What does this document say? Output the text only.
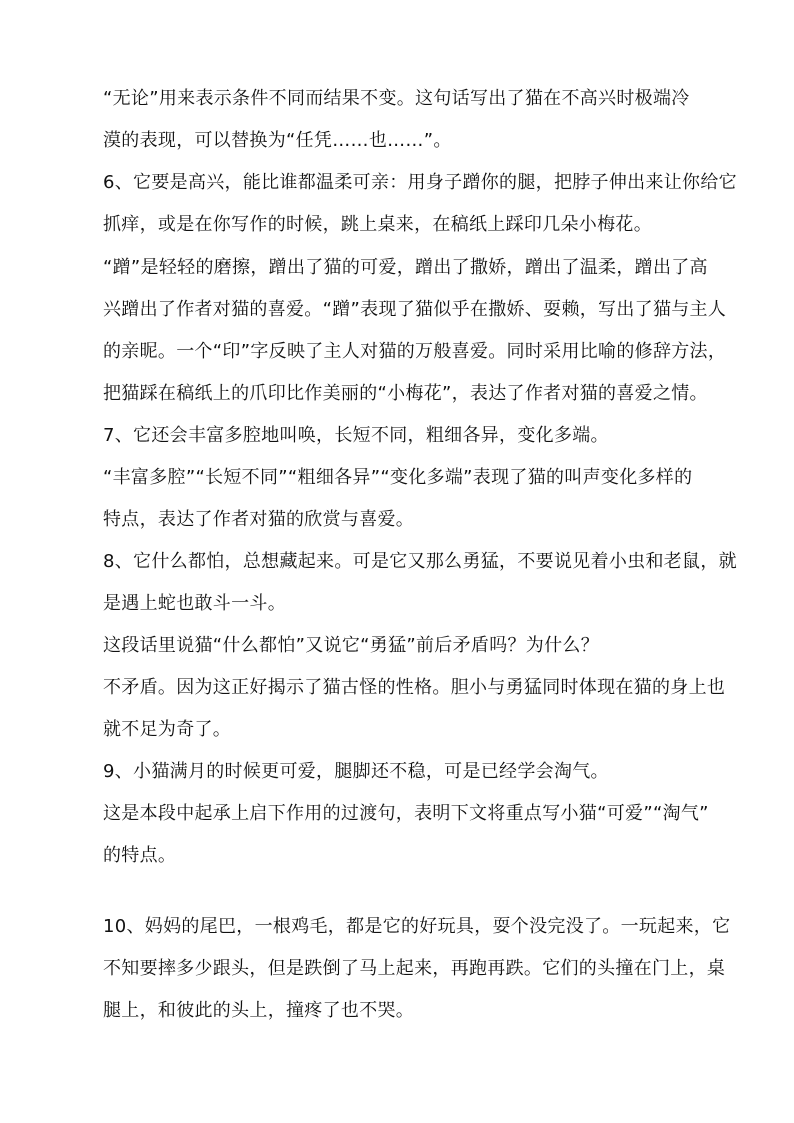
“无论”用来表示条件不同而结果不变。这句话写出了猫在不高兴时极端冷
漠的表现，可以替换为“任凭……也……”。
6、它要是高兴，能比谁都温柔可亲：用身子蹭你的腿，把脖子伸出来让你给它
抓痒，或是在你写作的时候，跳上桌来，在稿纸上踩印几朵小梅花。
“蹭”是轻轻的磨擦，蹭出了猫的可爱，蹭出了撒娇，蹭出了温柔，蹭出了高
兴蹭出了作者对猫的喜爱。“蹭”表现了猫似乎在撒娇、耍赖，写出了猫与主人
的亲昵。一个“印”字反映了主人对猫的万般喜爱。同时采用比喻的修辞方法，
把猫踩在稿纸上的爪印比作美丽的“小梅花”，表达了作者对猫的喜爱之情。
7、它还会丰富多腔地叫唤，长短不同，粗细各异，变化多端。
“丰富多腔”“长短不同”“粗细各异”“变化多端”表现了猫的叫声变化多样的
特点，表达了作者对猫的欣赏与喜爱。
8、它什么都怕，总想藏起来。可是它又那么勇猛，不要说见着小虫和老鼠，就
是遇上蛇也敢斗一斗。
这段话里说猫“什么都怕”又说它“勇猛”前后矛盾吗？为什么？
不矛盾。因为这正好揭示了猫古怪的性格。胆小与勇猛同时体现在猫的身上也
就不足为奇了。
9、小猫满月的时候更可爱，腿脚还不稳，可是已经学会淘气。
这是本段中起承上启下作用的过渡句，表明下文将重点写小猫“可爱”“淘气”
的特点。
10、妈妈的尾巴，一根鸡毛，都是它的好玩具，耍个没完没了。一玩起来，它
不知要摔多少跟头，但是跌倒了马上起来，再跑再跌。它们的头撞在门上，桌
腿上，和彼此的头上，撞疼了也不哭。
